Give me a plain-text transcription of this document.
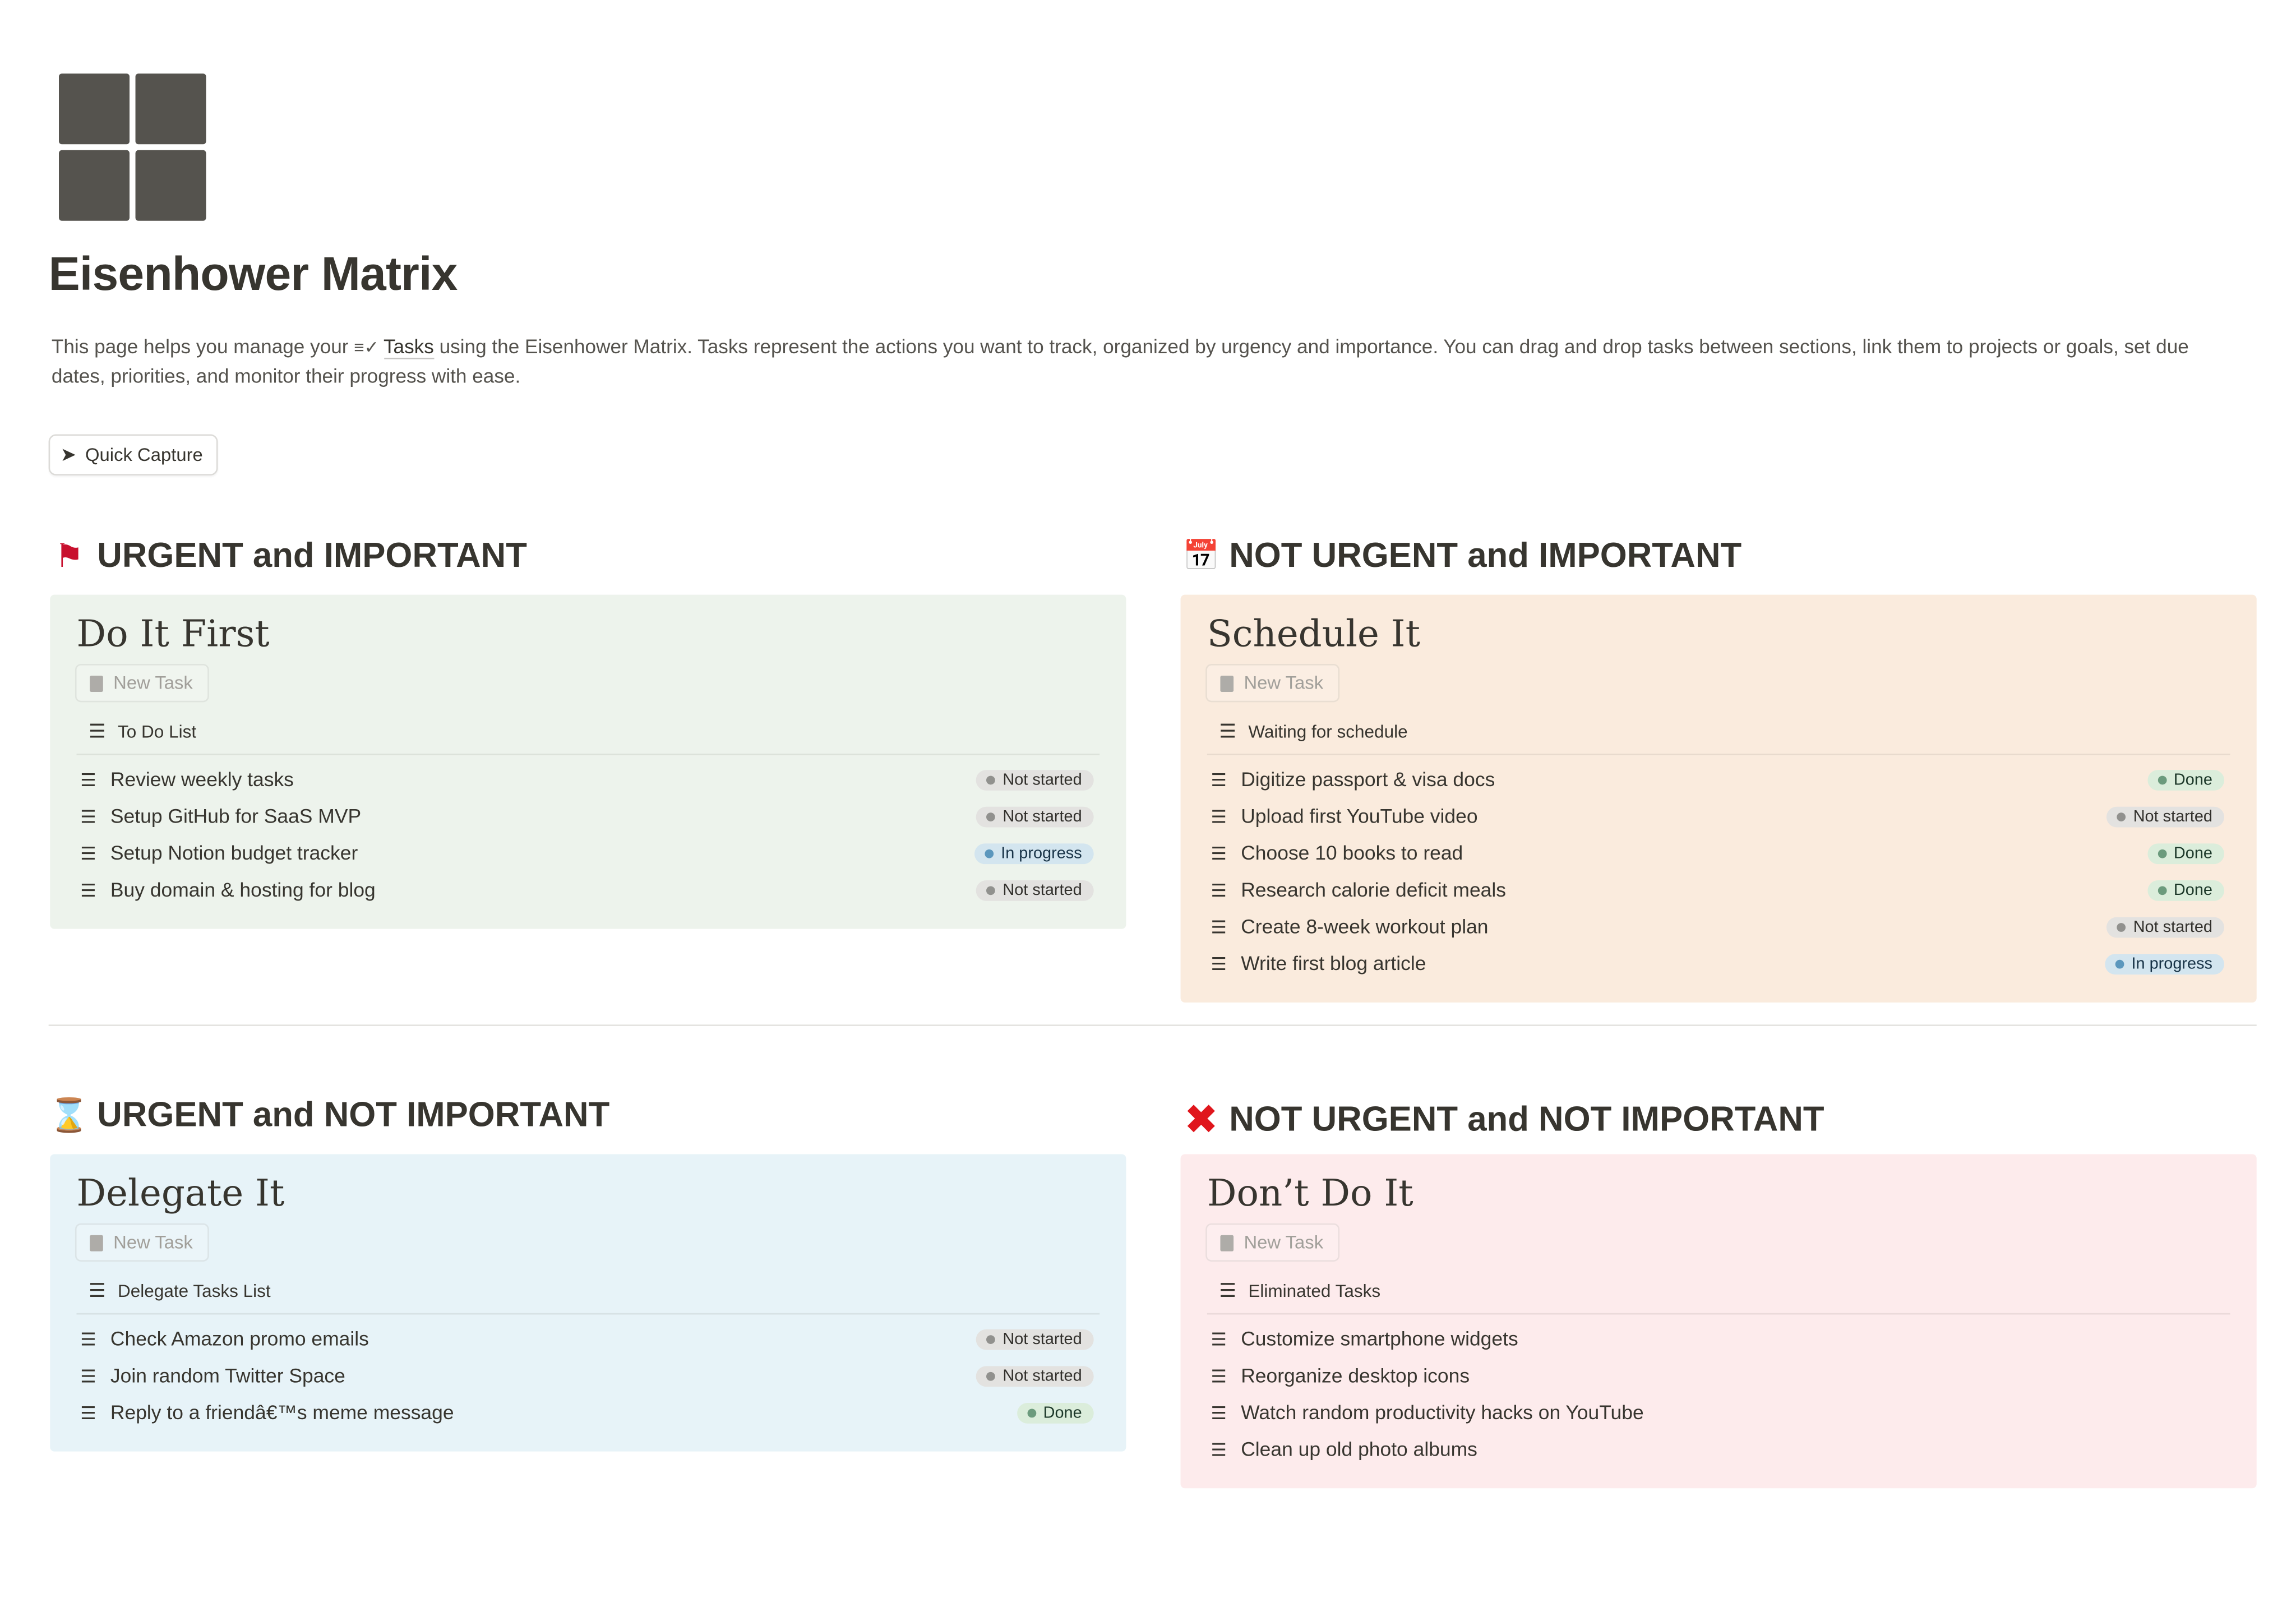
Eisenhower Matrix
This page helps you manage your ≡✓ Tasks using the Eisenhower Matrix. Tasks represent the actions you want to track, organized by urgency and importance. You can drag and drop tasks between sections, link them to projects or goals, set due dates, priorities, and monitor their progress with ease.
➤ Quick Capture
⚑	URGENT and IMPORTANT
Do It First
New Task
☰ To Do List
☰	Review weekly tasks	Not started
☰	Setup GitHub for SaaS MVP	Not started
☰	Setup Notion budget tracker	In progress
☰	Buy domain & hosting for blog	Not started
📅 NOT URGENT and IMPORTANT
Schedule It
New Task
☰ Waiting for schedule
☰	Digitize passport & visa docs	Done
☰	Upload first YouTube video	Not started
☰	Choose 10 books to read	Done
☰	Research calorie deficit meals	Done
☰	Create 8-week workout plan	Not started
☰	Write first blog article	In progress
⌛ URGENT and NOT IMPORTANT
Delegate It
New Task
☰ Delegate Tasks List
☰	Check Amazon promo emails	Not started
☰	Join random Twitter Space	Not started
☰	Reply to a friendâ€™s meme message	Done
✖ NOT URGENT and NOT IMPORTANT
Don’t Do It
New Task
☰ Eliminated Tasks
☰	Customize smartphone widgets
☰	Reorganize desktop icons
☰	Watch random productivity hacks on YouTube
☰	Clean up old photo albums
